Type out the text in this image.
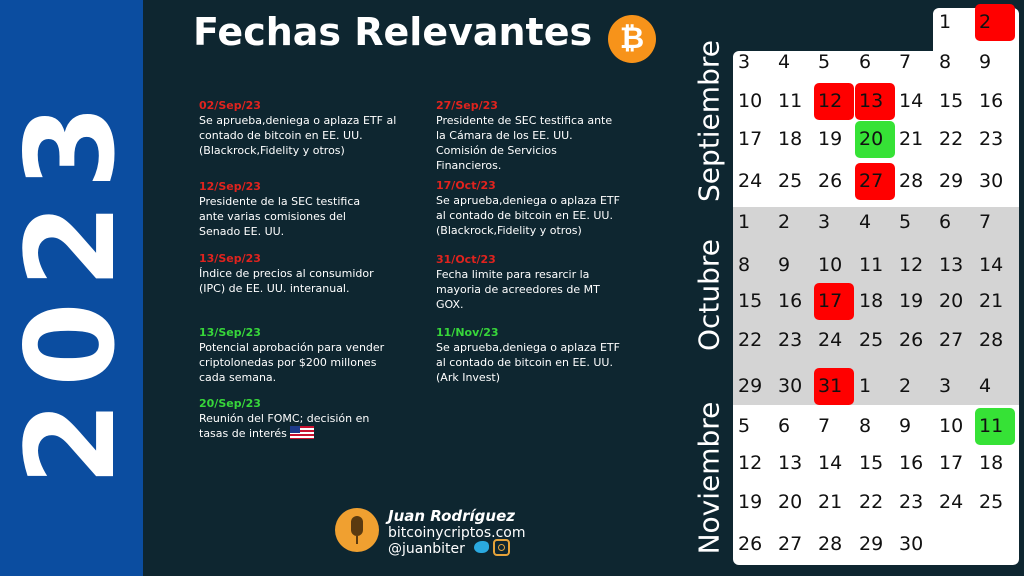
2023
Fechas Relevantes ₿
02/Sep/23
Se aprueba,deniega o aplaza ETF al
contado de bitcoin en EE. UU.
(Blackrock,Fidelity y otros)
12/Sep/23
Presidente de la SEC testifica
ante varias comisiones del
Senado EE. UU.
13/Sep/23
Índice de precios al consumidor
(IPC) de EE. UU. interanual.
13/Sep/23
Potencial aprobación para vender
criptolonedas por $200 millones
cada semana.
20/Sep/23
Reunión del FOMC; decisión en
tasas de interés
27/Sep/23
Presidente de SEC testifica ante
la Cámara de los EE. UU.
Comisión de Servicios
Financieros.
17/Oct/23
Se aprueba,deniega o aplaza ETF
al contado de bitcoin en EE. UU.
(Blackrock,Fidelity y otros)
31/Oct/23
Fecha limite para resarcir la
mayoria de acreedores de MT
GOX.
11/Nov/23
Se aprueba,deniega o aplaza ETF
al contado de bitcoin en EE. UU.
(Ark Invest)
Juan Rodríguez
bitcoinycriptos.com
@juanbiter
1 2
3 4 5 6 7 8 9
10 11 12 13 14 15 16
17 18 19 20 21 22 23
24 25 26 27 28 29 30
1 2 3 4 5 6 7
8 9 10 11 12 13 14
15 16 17 18 19 20 21
22 23 24 25 26 27 28
29 30 31 1 2 3 4
5 6 7 8 9 10 11
12 13 14 15 16 17 18
19 20 21 22 23 24 25
26 27 28 29 30
Septiembre
Octubre
Noviembre
